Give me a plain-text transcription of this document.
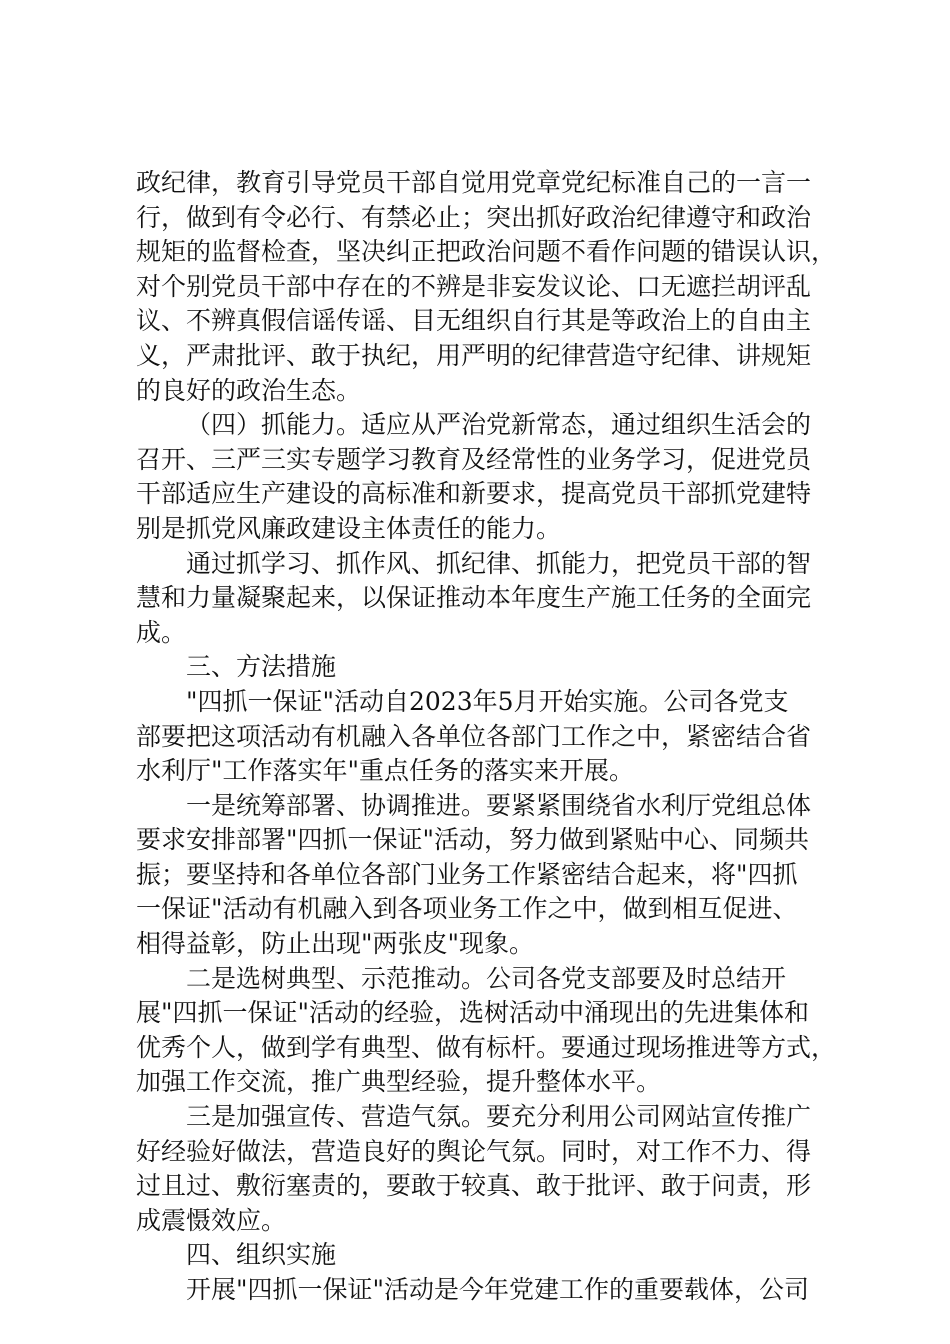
政纪律，教育引导党员干部自觉用党章党纪标准自己的一言一
行，做到有令必行、有禁必止；突出抓好政治纪律遵守和政治
规矩的监督检查，坚决纠正把政治问题不看作问题的错误认识，
对个别党员干部中存在的不辨是非妄发议论、口无遮拦胡评乱
议、不辨真假信谣传谣、目无组织自行其是等政治上的自由主
义，严肃批评、敢于执纪，用严明的纪律营造守纪律、讲规矩
的良好的政治生态。
（四）抓能力。适应从严治党新常态，通过组织生活会的
召开、三严三实专题学习教育及经常性的业务学习，促进党员
干部适应生产建设的高标准和新要求，提高党员干部抓党建特
别是抓党风廉政建设主体责任的能力。
通过抓学习、抓作风、抓纪律、抓能力，把党员干部的智
慧和力量凝聚起来，以保证推动本年度生产施工任务的全面完
成。
三、方法措施
"四抓一保证"活动自2023年5月开始实施。公司各党支
部要把这项活动有机融入各单位各部门工作之中，紧密结合省
水利厅"工作落实年"重点任务的落实来开展。
一是统筹部署、协调推进。要紧紧围绕省水利厅党组总体
要求安排部署"四抓一保证"活动，努力做到紧贴中心、同频共
振；要坚持和各单位各部门业务工作紧密结合起来，将"四抓
一保证"活动有机融入到各项业务工作之中，做到相互促进、
相得益彰，防止出现"两张皮"现象。
二是选树典型、示范推动。公司各党支部要及时总结开
展"四抓一保证"活动的经验，选树活动中涌现出的先进集体和
优秀个人，做到学有典型、做有标杆。要通过现场推进等方式，
加强工作交流，推广典型经验，提升整体水平。
三是加强宣传、营造气氛。要充分利用公司网站宣传推广
好经验好做法，营造良好的舆论气氛。同时，对工作不力、得
过且过、敷衍塞责的，要敢于较真、敢于批评、敢于问责，形
成震慑效应。
四、组织实施
开展"四抓一保证"活动是今年党建工作的重要载体，公司
